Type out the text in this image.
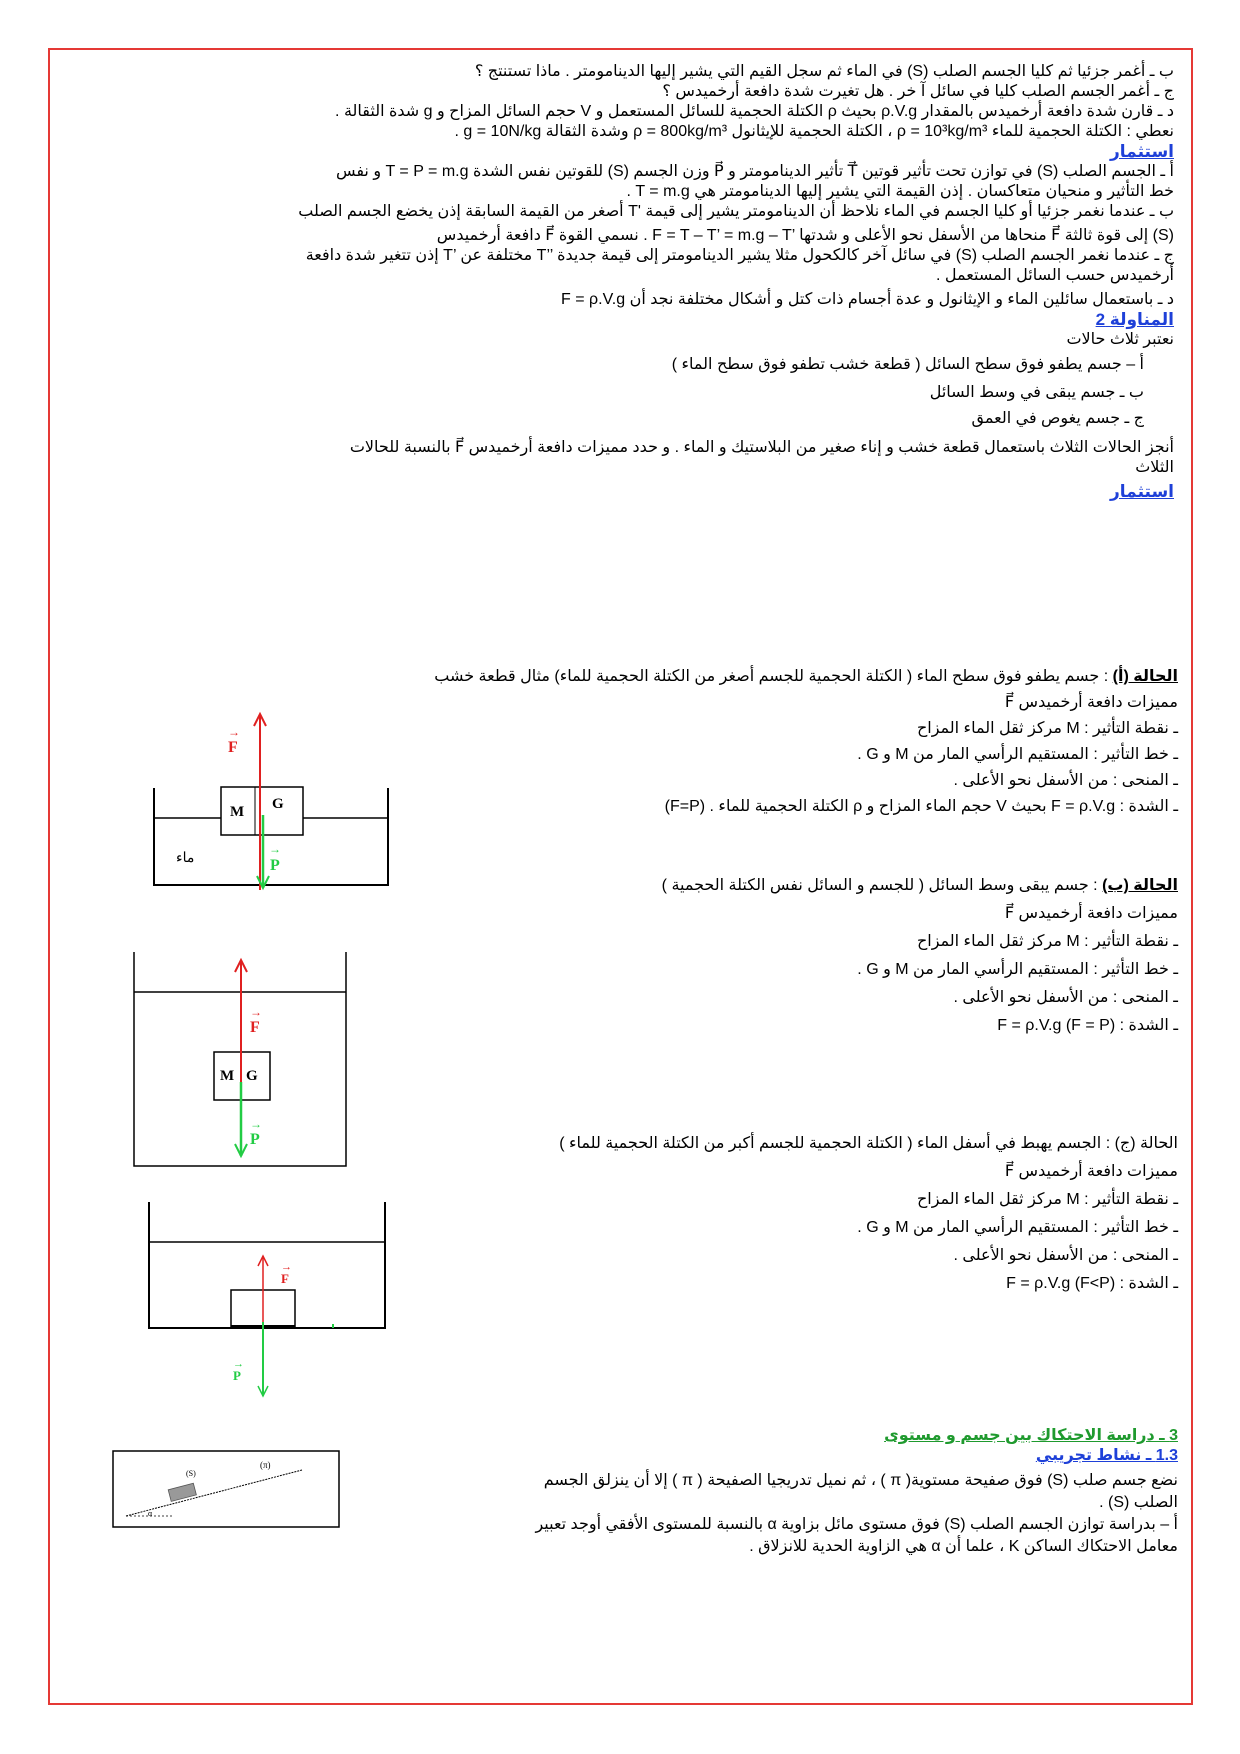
ب ـ أغمر جزئيا ثم كليا الجسم الصلب (S) في الماء ثم سجل القيم التي يشير إليها الدينامومتر . ماذا تستنتج ؟

ج ـ أغمر الجسم الصلب كليا في سائل آ خر . هل تغيرت شدة دافعة أرخميدس ؟

د ـ قارن شدة دافعة أرخميدس بالمقدار ρ.V.g بحيث ρ الكتلة الحجمية للسائل المستعمل و V حجم السائل المزاح و g شدة الثقالة .

نعطي : الكتلة الحجمية للماء ρ = 10³kg/m³ ، الكتلة الحجمية للإيثانول ρ = 800kg/m³ وشدة الثقالة g = 10N/kg .

استثمار

أ ـ الجسم الصلب (S) في توازن تحت تأثير قوتين T⃗ تأثير الدينامومتر و P⃗ وزن الجسم (S) للقوتين نفس الشدة T = P = m.g و نفس

خط التأثير و منحيان متعاكسان . إذن القيمة التي يشير إليها الدينامومتر هي T = m.g .

ب ـ عندما نغمر جزئيا أو كليا الجسم في الماء نلاحظ أن الدينامومتر يشير إلى قيمة 'T أصغر من القيمة السابقة إذن يخضع الجسم الصلب

(S) إلى قوة ثالثة F⃗ منحاها من الأسفل نحو الأعلى و شدتها ’F = T – T’ = m.g – T . نسمي القوة F⃗ دافعة أرخميدس

ج ـ عندما نغمر الجسم الصلب (S) في سائل آخر كالكحول مثلا يشير الدينامومتر إلى قيمة جديدة ’’T مختلفة عن ’T إذن تتغير شدة دافعة

أرخميدس حسب السائل المستعمل .

د ـ باستعمال سائلين الماء و الإيثانول و عدة أجسام ذات كتل و أشكال مختلفة نجد أن F = ρ.V.g

المناولة 2

نعتبر ثلاث حالات

أ – جسم يطفو فوق سطح السائل ( قطعة خشب تطفو فوق سطح الماء )

ب ـ جسم يبقى في وسط السائل

ج ـ جسم يغوص في العمق

أنجز الحالات الثلاث باستعمال قطعة خشب و إناء صغير من البلاستيك و الماء . و حدد مميزات دافعة أرخميدس F⃗ بالنسبة للحالات

الثلاث

استثمار

الحالة (أ) : جسم يطفو فوق سطح الماء ( الكتلة الحجمية للجسم أصغر من الكتلة الحجمية للماء) مثال قطعة خشب

مميزات دافعة أرخميدس F⃗

ـ نقطة التأثير : M مركز ثقل الماء المزاح

ـ خط التأثير : المستقيم الرأسي المار من M و G .

ـ المنحى : من الأسفل نحو الأعلى .

ـ الشدة : F = ρ.V.g بحيث V حجم الماء المزاح و ρ الكتلة الحجمية للماء . (F=P)

الحالة (ب) : جسم يبقى وسط السائل ( للجسم و السائل نفس الكتلة الحجمية )

مميزات دافعة أرخميدس F⃗

ـ نقطة التأثير : M مركز ثقل الماء المزاح

ـ خط التأثير : المستقيم الرأسي المار من M و G .

ـ المنحى : من الأسفل نحو الأعلى .

ـ الشدة : F = ρ.V.g (F = P)

الحالة (ج) : الجسم يهبط في أسفل الماء ( الكتلة الحجمية للجسم أكبر من الكتلة الحجمية للماء )

مميزات دافعة أرخميدس F⃗

ـ نقطة التأثير : M مركز ثقل الماء المزاح

ـ خط التأثير : المستقيم الرأسي المار من M و G .

ـ المنحى : من الأسفل نحو الأعلى .

ـ الشدة : F = ρ.V.g (F<P)

3 ـ دراسة الاحتكاك بين جسم و مستوى

1.3 ـ نشاط تجريبي

نضع جسم صلب (S) فوق صفيحة مستوية( π ) ، ثم نميل تدريجيا الصفيحة ( π ) إلا أن ينزلق الجسم

الصلب (S) .

أ – بدراسة توازن الجسم الصلب (S) فوق مستوى مائل بزاوية α بالنسبة للمستوى الأفقي أوجد تعبير

معامل الاحتكاك الساكن K ، علما أن α هي الزاوية الحدية للانزلاق .

F
→
M G
P
→
ماء
F
→
M G
P
→
F
→
P
→
(S)
(π)
α
